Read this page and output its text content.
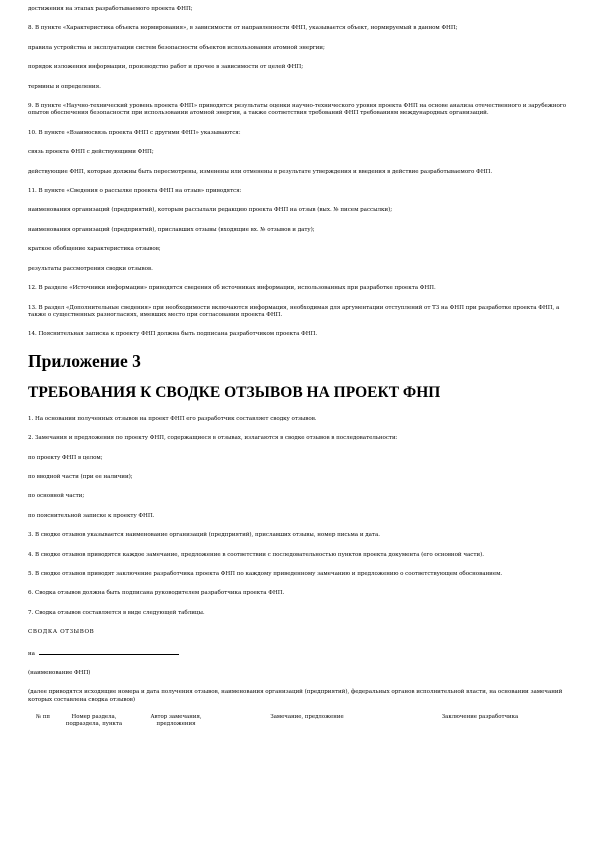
достижения на этапах разработываемого проекта ФНП;

8. В пункте «Характеристика объекта нормирования», в зависимости от направленности ФНП, указывается объект, нормируемый в данном ФНП;

правила устройства и эксплуатации систем безопасности объектов использования атомной энергии;

порядок изложения информации, производство работ и прочее в зависимости от целей ФНП;

термины и определения.

9. В пункте «Научно-технический уровень проекта ФНП» приводятся результаты оценки научно-технического уровня проекта ФНП на основе анализа отечественного и зарубежного опытов обеспечения безопасности при использовании атомной энергии, а также соответствия требований ФНП требованиям международных организаций.

10. В пункте «Взаимосвязь проекта ФНП с другими ФНП» указываются:

связь проекта ФНП с действующими ФНП;

действующие ФНП, которые должны быть пересмотрены, изменены или отменены в результате утверждения и введения в действие разработываемого ФНП.

11. В пункте «Сведения о рассылке проекта ФНП на отзыв» приводятся:

наименования организаций (предприятий), которым рассылали редакцию проекта ФНП на отзыв (вых. № писем рассылки);

наименования организаций (предприятий), приславших отзывы (входящие вх. № отзывов и дату);

краткое обобщение характеристика отзывов;

результаты рассмотрения сводки отзывов.

12. В разделе «Источники информации» приводятся сведения об источниках информации, использованных при разработке проекта ФНП.

13. В раздел «Дополнительные сведения» при необходимости включаются информация, необходимая для аргументации отступлений от ТЗ на ФНП при разработке проекта ФНП, а также о существенных разногласиях, имевших место при согласовании проекта ФНП.

14. Пояснительная записка к проекту ФНП должна быть подписана разработчиком проекта ФНП.

Приложение 3
ТРЕБОВАНИЯ К СВОДКЕ ОТЗЫВОВ НА ПРОЕКТ ФНП

1. На основании полученных отзывов на проект ФНП его разработчик составляет сводку отзывов.

2. Замечания и предложения по проекту ФНП, содержащиеся в отзывах, излагаются в сводке отзывов в последовательности:

по проекту ФНП в целом;

по вводной части (при ее наличии);

по основной части;

по пояснительной записке к проекту ФНП.

3. В сводке отзывов указывается наименование организаций (предприятий), приславших отзывы, номер письма и дата.

4. В сводке отзывов приводятся каждое замечание, предложение в соответствии с последовательностью пунктов проекта документа (его основной части).

5. В сводке отзывов приводят заключение разработчика проекта ФНП по каждому приведенному замечанию и предложению о соответствующем обоснованием.

6. Сводка отзывов должна быть подписана руководителем разработчика проекта ФНП.

7. Сводка отзывов составляется в виде следующей таблицы.

СВОДКА ОТЗЫВОВ

на

(наименование ФНП)

(далее приводятся исходящие номера и дата получения отзывов, наименования организаций (предприятий), федеральных органов исполнительной власти, на основании замечаний которых составлена сводка отзывов)

№ пп	Номер раздела, подраздела, пункта	Автор замечания, предложения	Замечание, предложение	Заключение разработчика
